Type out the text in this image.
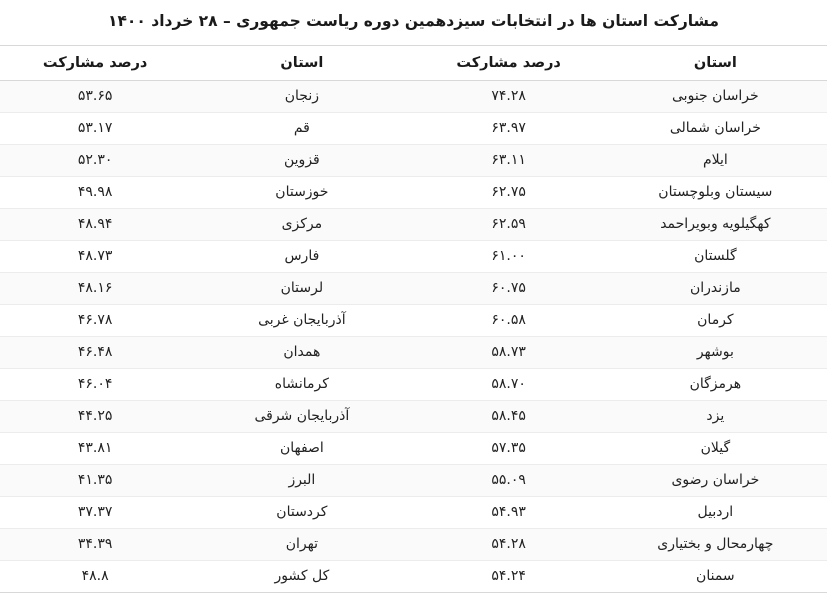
مشارکت استان ها در انتخابات سیزدهمین دوره ریاست جمهوری – ۲۸ خرداد ۱۴۰۰
استان	درصد مشارکت	استان	درصد مشارکت
خراسان جنوبی	۷۴.۲۸	زنجان	۵۳.۶۵
خراسان شمالی	۶۳.۹۷	قم	۵۳.۱۷
ایلام	۶۳.۱۱	قزوین	۵۲.۳۰
سیستان وبلوچستان	۶۲.۷۵	خوزستان	۴۹.۹۸
کهگیلویه وبویراحمد	۶۲.۵۹	مرکزی	۴۸.۹۴
گلستان	۶۱.۰۰	فارس	۴۸.۷۳
مازندران	۶۰.۷۵	لرستان	۴۸.۱۶
کرمان	۶۰.۵۸	آذربایجان غربی	۴۶.۷۸
بوشهر	۵۸.۷۳	همدان	۴۶.۴۸
هرمزگان	۵۸.۷۰	کرمانشاه	۴۶.۰۴
یزد	۵۸.۴۵	آذربایجان شرقی	۴۴.۲۵
گیلان	۵۷.۳۵	اصفهان	۴۳.۸۱
خراسان رضوی	۵۵.۰۹	البرز	۴۱.۳۵
اردبیل	۵۴.۹۳	کردستان	۳۷.۳۷
چهارمحال و بختیاری	۵۴.۲۸	تهران	۳۴.۳۹
سمنان	۵۴.۲۴	کل کشور	۴۸.۸
